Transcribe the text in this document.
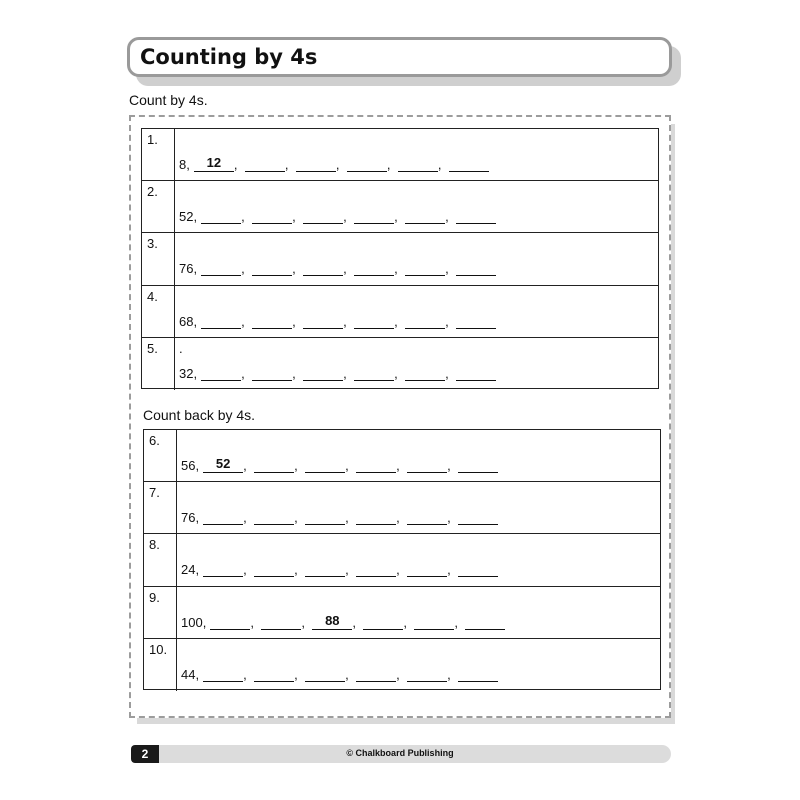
Counting by 4s
Count by 4s.
1.
8,	12 ,	,	,	,	,
2.
52,	,	,	,	,	,
3.
76,	,	,	,	,	,
4.
68,	,	,	,	,	,
5. .
32,	,	,	,	,	,
Count back by 4s.
6.
56,	52 ,	,	,	,	,
7.
76,	,	,	,	,	,
8.
24,	,	,	,	,	,
9.
100,	,	,	88 ,	,	,
10.
44,	,	,	,	,	,
2	© Chalkboard Publishing
